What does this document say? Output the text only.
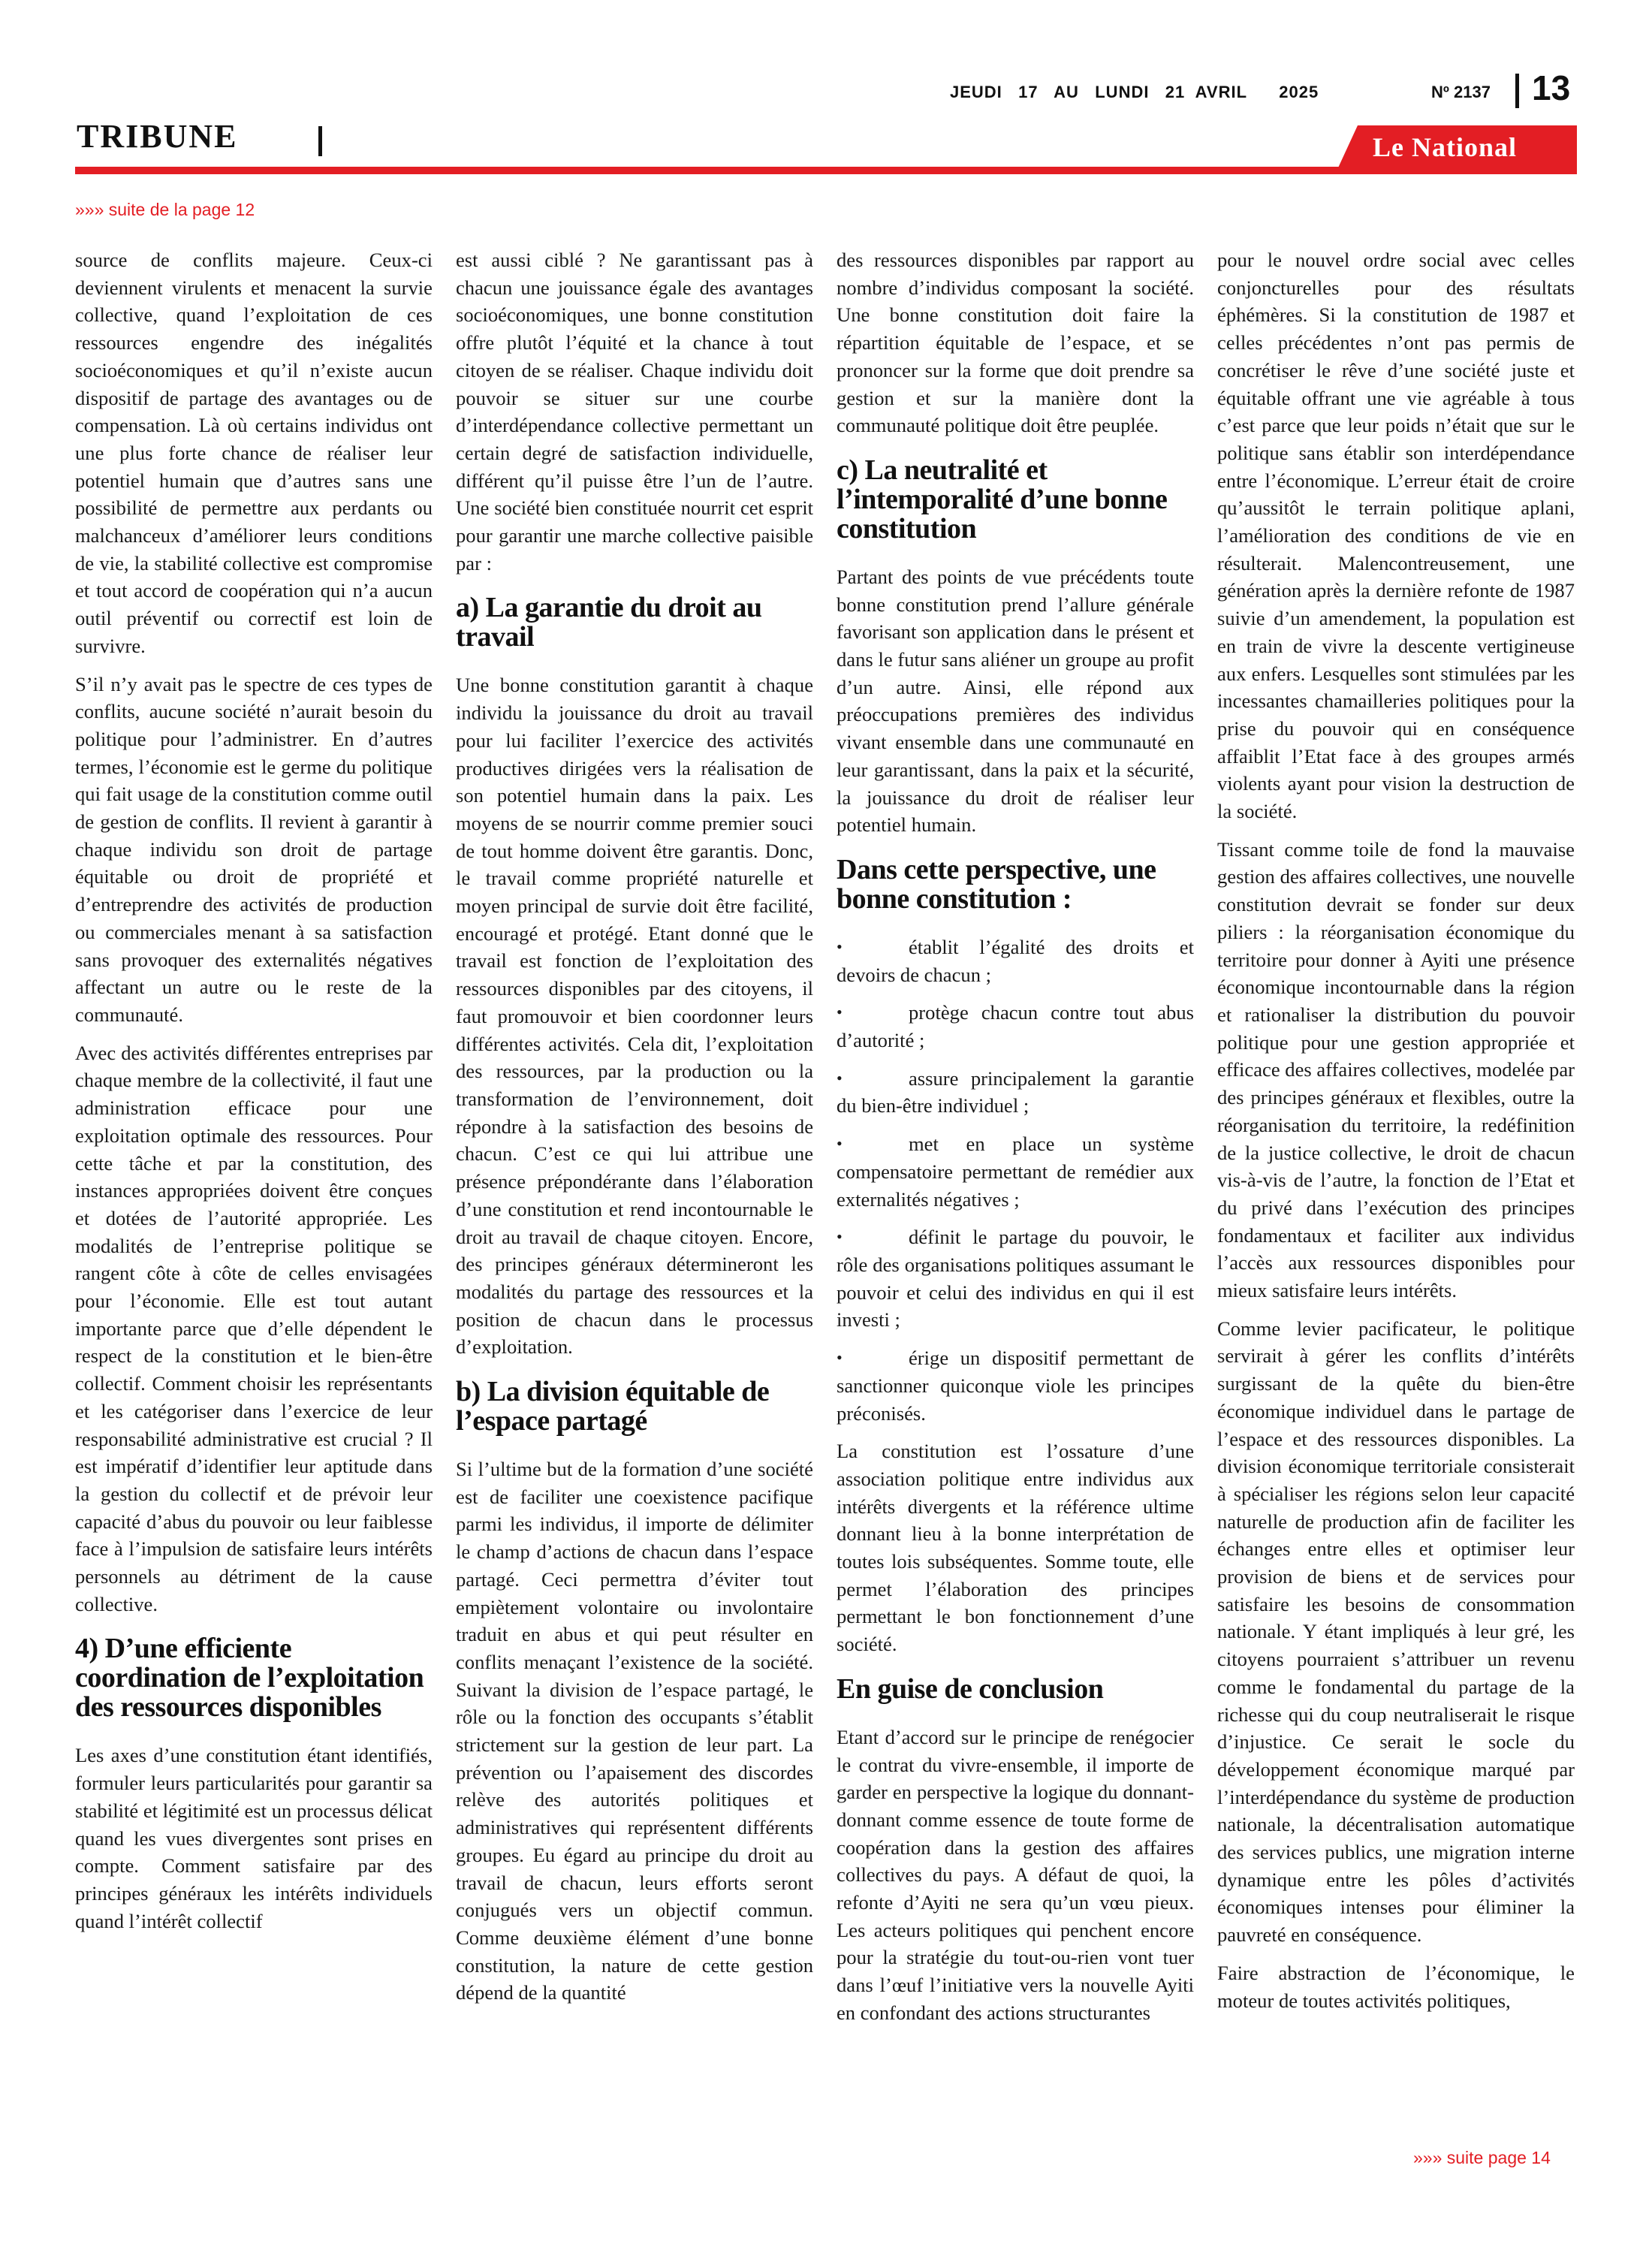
JEUDI   17   AU   LUNDI   21  AVRIL      2025	Nº 2137 13
TRIBUNE	Le National
»»» suite de la page 12

source de conflits majeure. Ceux-ci deviennent virulents et menacent la survie collective, quand l’exploitation de ces ressources engendre des inégalités socioéconomiques et qu’il n’existe aucun dispositif de partage des avantages ou de compensation. Là où certains individus ont une plus forte chance de réaliser leur potentiel humain que d’autres sans une possibilité de permettre aux perdants ou malchanceux d’améliorer leurs conditions de vie, la stabilité collective est compromise et tout accord de coopération qui n’a aucun outil préventif ou correctif est loin de survivre.

S’il n’y avait pas le spectre de ces types de conflits, aucune société n’aurait besoin du politique pour l’administrer. En d’autres termes, l’économie est le germe du politique qui fait usage de la constitution comme outil de gestion de conflits. Il revient à garantir à chaque individu son droit de partage équitable ou droit de propriété et d’entreprendre des activités de production ou commerciales menant à sa satisfaction sans provoquer des externalités négatives affectant un autre ou le reste de la communauté.

Avec des activités différentes entreprises par chaque membre de la collectivité, il faut une administration efficace pour une exploitation optimale des ressources. Pour cette tâche et par la constitution, des instances appropriées doivent être conçues et dotées de l’autorité appropriée. Les modalités de l’entreprise politique se rangent côte à côte de celles envisagées pour l’économie. Elle est tout autant importante parce que d’elle dépendent le respect de la constitution et le bien-être collectif. Comment choisir les représentants et les catégoriser dans l’exercice de leur responsabilité administrative est crucial ? Il est impératif d’identifier leur aptitude dans la gestion du collectif et de prévoir leur capacité d’abus du pouvoir ou leur faiblesse face à l’impulsion de satisfaire leurs intérêts personnels au détriment de la cause collective.

4) D’une efficiente coordination de l’exploitation des ressources disponibles

Les axes d’une constitution étant identifiés, formuler leurs particularités pour garantir sa stabilité et légitimité est un processus délicat quand les vues divergentes sont prises en compte. Comment satisfaire par des principes généraux les intérêts individuels quand l’intérêt collectif

est aussi ciblé ? Ne garantissant pas à chacun une jouissance égale des avantages socioéconomiques, une bonne constitution offre plutôt l’équité et la chance à tout citoyen de se réaliser. Chaque individu doit pouvoir se situer sur une courbe d’interdépendance collective permettant un certain degré de satisfaction individuelle, différent qu’il puisse être l’un de l’autre. Une société bien constituée nourrit cet esprit pour garantir une marche collective paisible par :

a) La garantie du droit au travail

Une bonne constitution garantit à chaque individu la jouissance du droit au travail pour lui faciliter l’exercice des activités productives dirigées vers la réalisation de son potentiel humain dans la paix. Les moyens de se nourrir comme premier souci de tout homme doivent être garantis. Donc, le travail comme propriété naturelle et moyen principal de survie doit être facilité, encouragé et protégé. Etant donné que le travail est fonction de l’exploitation des ressources disponibles par des citoyens, il faut promouvoir et bien coordonner leurs différentes activités. Cela dit, l’exploitation des ressources, par la production ou la transformation de l’environnement, doit répondre à la satisfaction des besoins de chacun. C’est ce qui lui attribue une présence prépondérante dans l’élaboration d’une constitution et rend incontournable le droit au travail de chaque citoyen. Encore, des principes généraux détermineront les modalités du partage des ressources et la position de chacun dans le processus d’exploitation.

b) La division équitable de l’espace partagé

Si l’ultime but de la formation d’une société est de faciliter une coexistence pacifique parmi les individus, il importe de délimiter le champ d’actions de chacun dans l’espace partagé. Ceci permettra d’éviter tout empiètement volontaire ou involontaire traduit en abus et qui peut résulter en conflits menaçant l’existence de la société. Suivant la division de l’espace partagé, le rôle ou la fonction des occupants s’établit strictement sur la gestion de leur part. La prévention ou l’apaisement des discordes relève des autorités politiques et administratives qui représentent différents groupes. Eu égard au principe du droit au travail de chacun, leurs efforts seront conjugués vers un objectif commun. Comme deuxième élément d’une bonne constitution, la nature de cette gestion dépend de la quantité

des ressources disponibles par rapport au nombre d’individus composant la société. Une bonne constitution doit faire la répartition équitable de l’espace, et se prononcer sur la forme que doit prendre sa gestion et sur la manière dont la communauté politique doit être peuplée.

c) La neutralité et l’intemporalité d’une bonne constitution

Partant des points de vue précédents toute bonne constitution prend l’allure générale favorisant son application dans le présent et dans le futur sans aliéner un groupe au profit d’un autre. Ainsi, elle répond aux préoccupations premières des individus vivant ensemble dans une communauté en leur garantissant, dans la paix et la sécurité, la jouissance du droit de réaliser leur potentiel humain.

Dans cette perspective, une bonne constitution :
•	établit l’égalité des droits et devoirs de chacun ;
•	protège chacun contre tout abus d’autorité ;
•	assure principalement la garantie du bien-être individuel ;
•	met en place un système compensatoire permettant de remédier aux externalités négatives ;
•	définit le partage du pouvoir, le rôle des organisations politiques assumant le pouvoir et celui des individus en qui il est investi ;
•	érige un dispositif permettant de sanctionner quiconque viole les principes préconisés.

La constitution est l’ossature d’une association politique entre individus aux intérêts divergents et la référence ultime donnant lieu à la bonne interprétation de toutes lois subséquentes. Somme toute, elle permet l’élaboration des principes permettant le bon fonctionnement d’une société.

En guise de conclusion

Etant d’accord sur le principe de renégocier le contrat du vivre-ensemble, il importe de garder en perspective la logique du donnant-donnant comme essence de toute forme de coopération dans la gestion des affaires collectives du pays. A défaut de quoi, la refonte d’Ayiti ne sera qu’un vœu pieux. Les acteurs politiques qui penchent encore pour la stratégie du tout-ou-rien vont tuer dans l’œuf l’initiative vers la nouvelle Ayiti en confondant des actions structurantes

pour le nouvel ordre social avec celles conjoncturelles pour des résultats éphémères. Si la constitution de 1987 et celles précédentes n’ont pas permis de concrétiser le rêve d’une société juste et équitable offrant une vie agréable à tous c’est parce que leur poids n’était que sur le politique sans établir son interdépendance entre l’économique. L’erreur était de croire qu’aussitôt le terrain politique aplani, l’amélioration des conditions de vie en résulterait. Malencontreusement, une génération après la dernière refonte de 1987 suivie d’un amendement, la population est en train de vivre la descente vertigineuse aux enfers. Lesquelles sont stimulées par les incessantes chamailleries politiques pour la prise du pouvoir qui en conséquence affaiblit l’Etat face à des groupes armés violents ayant pour vision la destruction de la société.

Tissant comme toile de fond la mauvaise gestion des affaires collectives, une nouvelle constitution devrait se fonder sur deux piliers : la réorganisation économique du territoire pour donner à Ayiti une présence économique incontournable dans la région et rationaliser la distribution du pouvoir politique pour une gestion appropriée et efficace des affaires collectives, modelée par des principes généraux et flexibles, outre la réorganisation du territoire, la redéfinition de la justice collective, le droit de chacun vis-à-vis de l’autre, la fonction de l’Etat et du privé dans l’exécution des principes fondamentaux et faciliter aux individus l’accès aux ressources disponibles pour mieux satisfaire leurs intérêts.

Comme levier pacificateur, le politique servirait à gérer les conflits d’intérêts surgissant de la quête du bien-être économique individuel dans le partage de l’espace et des ressources disponibles. La division économique territoriale consisterait à spécialiser les régions selon leur capacité naturelle de production afin de faciliter les échanges entre elles et optimiser leur provision de biens et de services pour satisfaire les besoins de consommation nationale. Y étant impliqués à leur gré, les citoyens pourraient s’attribuer un revenu comme le fondamental du partage de la richesse qui du coup neutraliserait le risque d’injustice. Ce serait le socle du développement économique marqué par l’interdépendance du système de production nationale, la décentralisation automatique des services publics, une migration interne dynamique entre les pôles d’activités économiques intenses pour éliminer la pauvreté en conséquence.

Faire abstraction de l’économique, le moteur de toutes activités politiques,

»»» suite page 14
